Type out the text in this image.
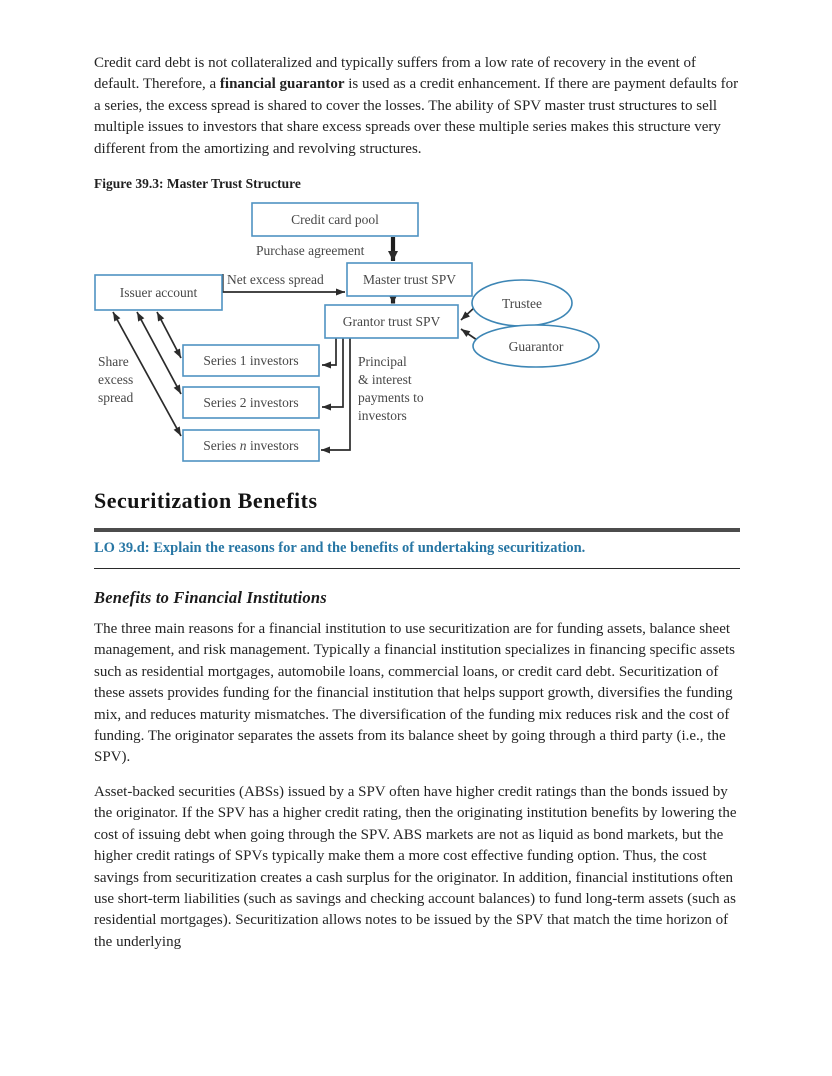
Credit card debt is not collateralized and typically suffers from a low rate of recovery in the event of default. Therefore, a financial guarantor is used as a credit enhancement. If there are payment defaults for a series, the excess spread is shared to cover the losses. The ability of SPV master trust structures to sell multiple issues to investors that share excess spreads over these multiple series makes this structure very different from the amortizing and revolving structures.

Figure 39.3: Master Trust Structure

Credit card pool
Master trust SPV
Issuer account
Grantor trust SPV
Trustee
Guarantor
Series 1 investors
Series 2 investors
Series n investors
Purchase agreement
Net excess spread
Share excess spread
Principal & interest payments to investors
Securitization Benefits
LO 39.d: Explain the reasons for and the benefits of undertaking securitization.
Benefits to Financial Institutions

The three main reasons for a financial institution to use securitization are for funding assets, balance sheet management, and risk management. Typically a financial institution specializes in financing specific assets such as residential mortgages, automobile loans, commercial loans, or credit card debt. Securitization of these assets provides funding for the financial institution that helps support growth, diversifies the funding mix, and reduces maturity mismatches. The diversification of the funding mix reduces risk and the cost of funding. The originator separates the assets from its balance sheet by going through a third party (i.e., the SPV).

Asset-backed securities (ABSs) issued by a SPV often have higher credit ratings than the bonds issued by the originator. If the SPV has a higher credit rating, then the originating institution benefits by lowering the cost of issuing debt when going through the SPV. ABS markets are not as liquid as bond markets, but the higher credit ratings of SPVs typically make them a more cost effective funding option. Thus, the cost savings from securitization creates a cash surplus for the originator. In addition, financial institutions often use short-term liabilities (such as savings and checking account balances) to fund long-term assets (such as residential mortgages). Securitization allows notes to be issued by the SPV that match the time horizon of the underlying
